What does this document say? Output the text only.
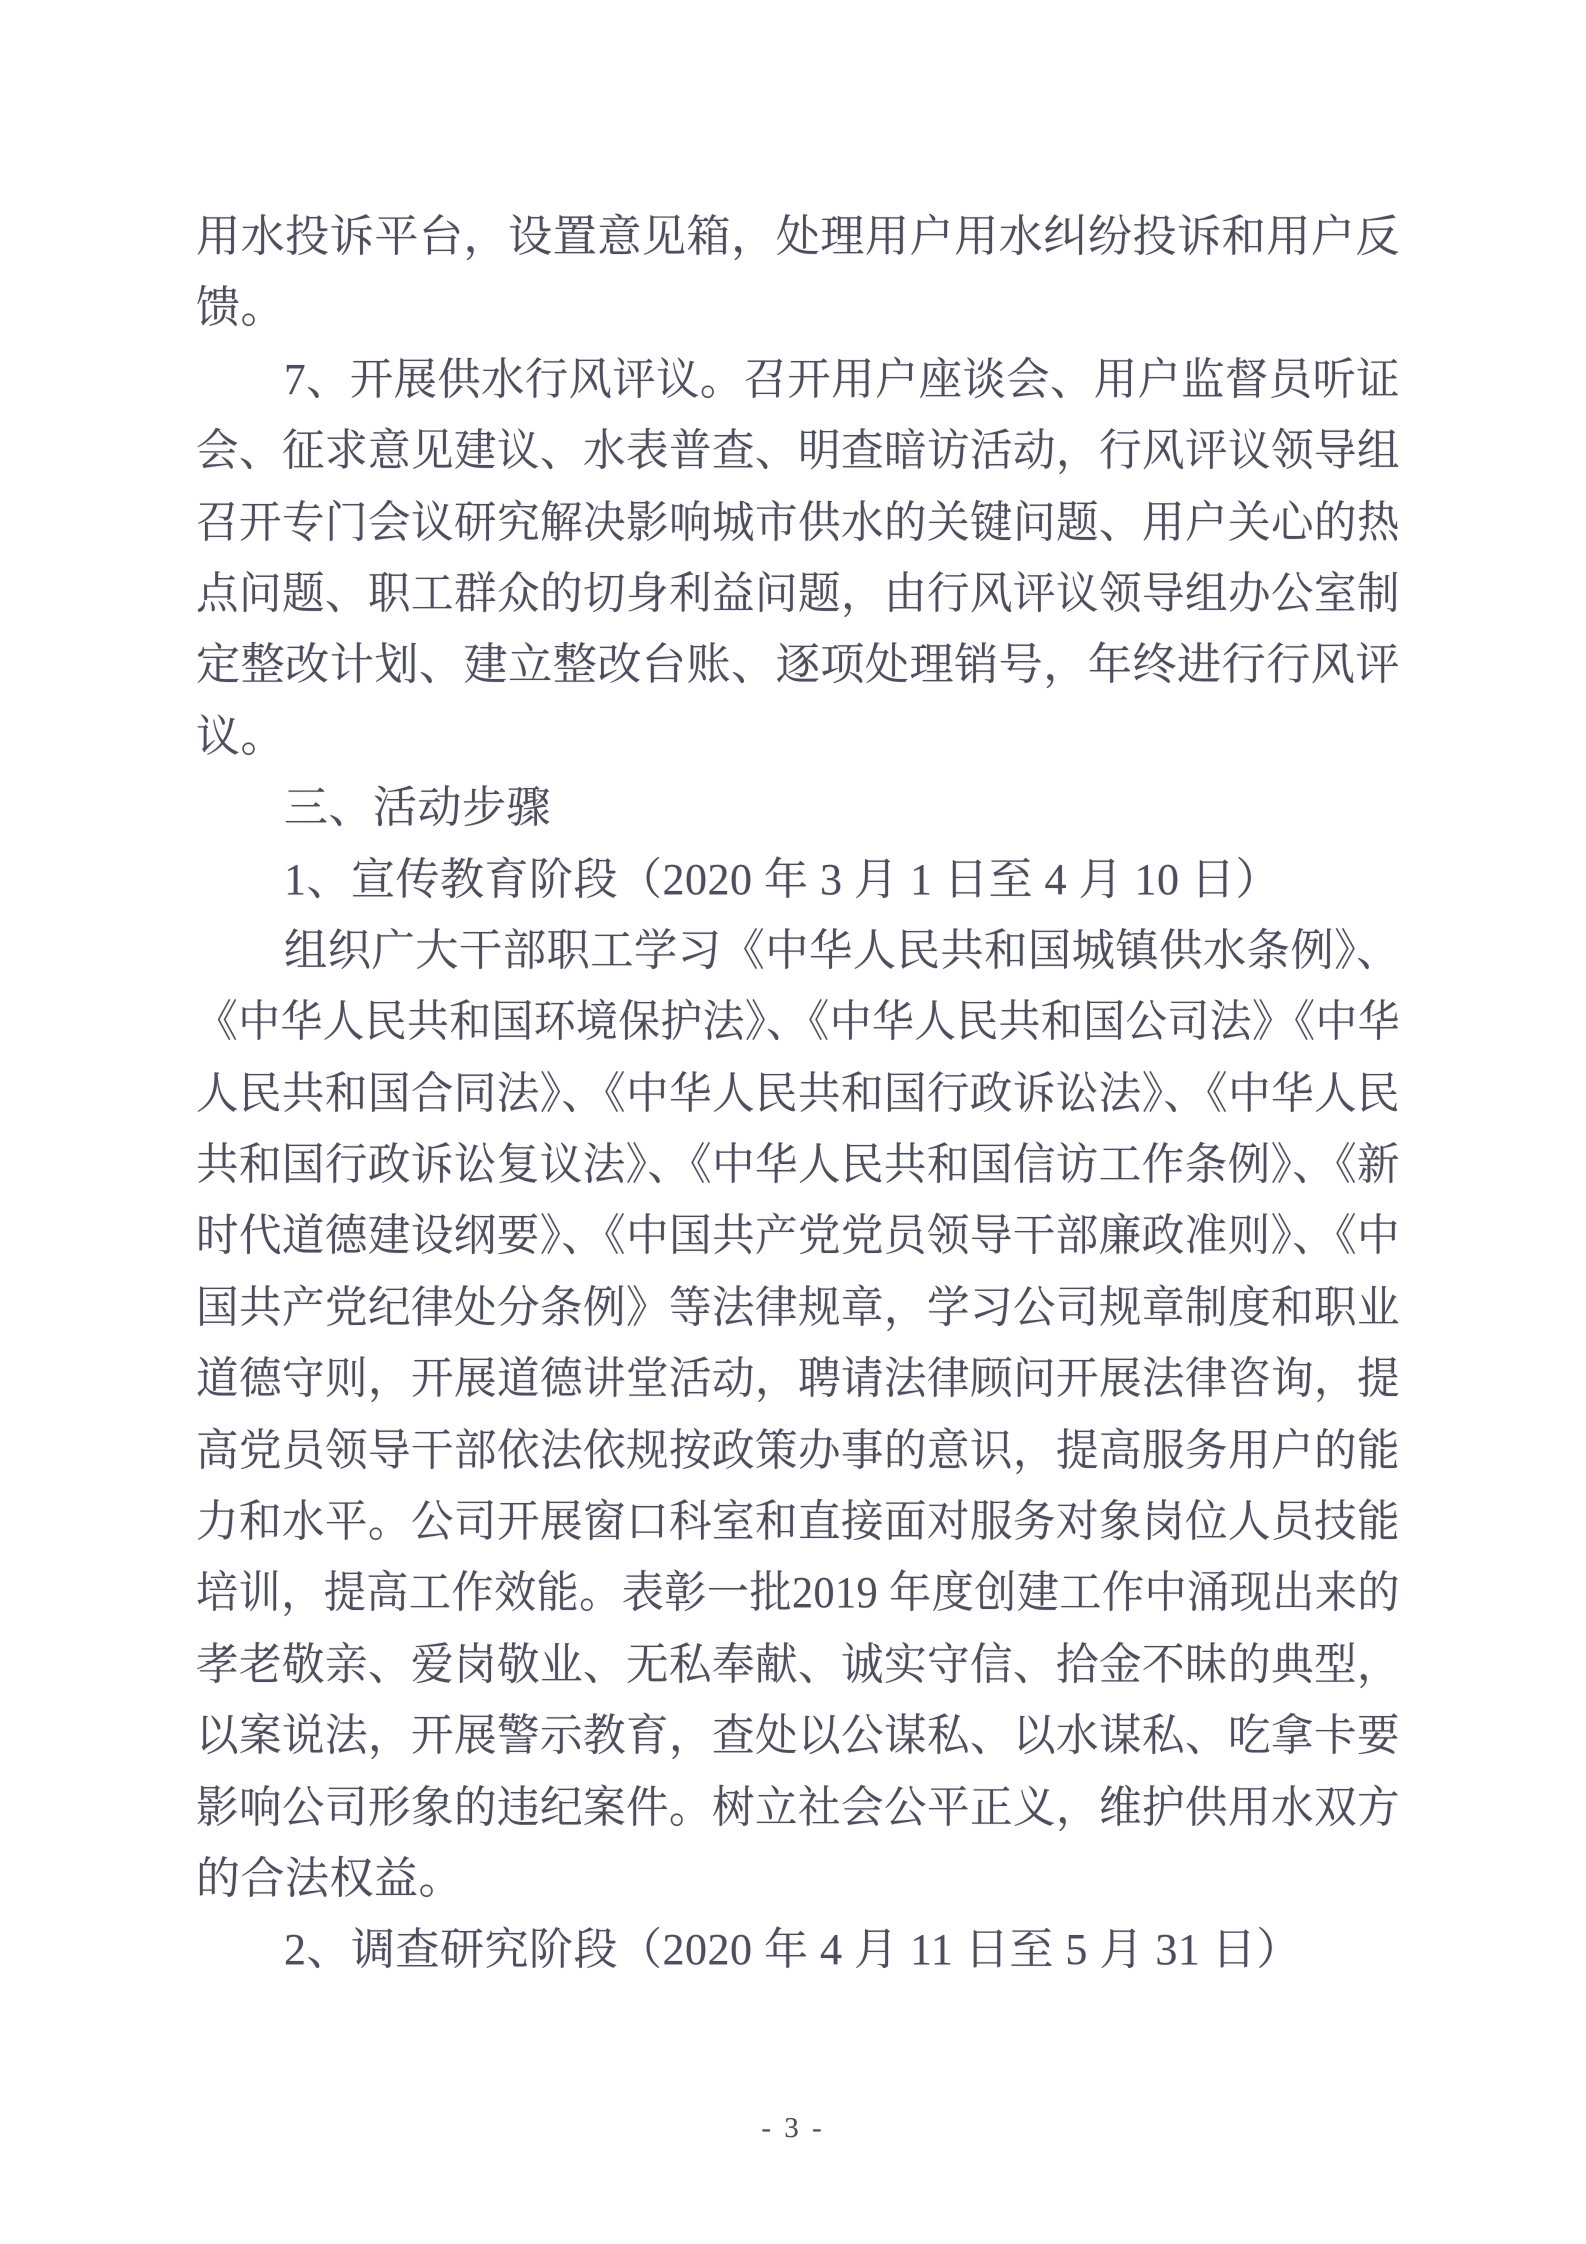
用水投诉平台，设置意见箱，处理用户用水纠纷投诉和用户反
馈。
7、开展供水行风评议。召开用户座谈会、用户监督员听证
会、征求意见建议、水表普查、明查暗访活动，行风评议领导组
召开专门会议研究解决影响城市供水的关键问题、用户关心的热
点问题、职工群众的切身利益问题，由行风评议领导组办公室制
定整改计划、建立整改台账、逐项处理销号，年终进行行风评
议。
三、活动步骤
1、宣传教育阶段（2020 年 3 月 1 日至 4 月 10 日）
组织广大干部职工学习《中华人民共和国城镇供水条例》、
《中华人民共和国环境保护法》、《中华人民共和国公司法》《中华
人民共和国合同法》、《中华人民共和国行政诉讼法》、《中华人民
共和国行政诉讼复议法》、《中华人民共和国信访工作条例》、《新
时代道德建设纲要》、《中国共产党党员领导干部廉政准则》、《中
国共产党纪律处分条例》等法律规章，学习公司规章制度和职业
道德守则，开展道德讲堂活动，聘请法律顾问开展法律咨询，提
高党员领导干部依法依规按政策办事的意识，提高服务用户的能
力和水平。公司开展窗口科室和直接面对服务对象岗位人员技能
培训，提高工作效能。表彰一批2019 年度创建工作中涌现出来的
孝老敬亲、爱岗敬业、无私奉献、诚实守信、拾金不昧的典型，
以案说法，开展警示教育，查处以公谋私、以水谋私、吃拿卡要
影响公司形象的违纪案件。树立社会公平正义，维护供用水双方
的合法权益。
2、调查研究阶段（2020 年 4 月 11 日至 5 月 31 日）
- 3 -
